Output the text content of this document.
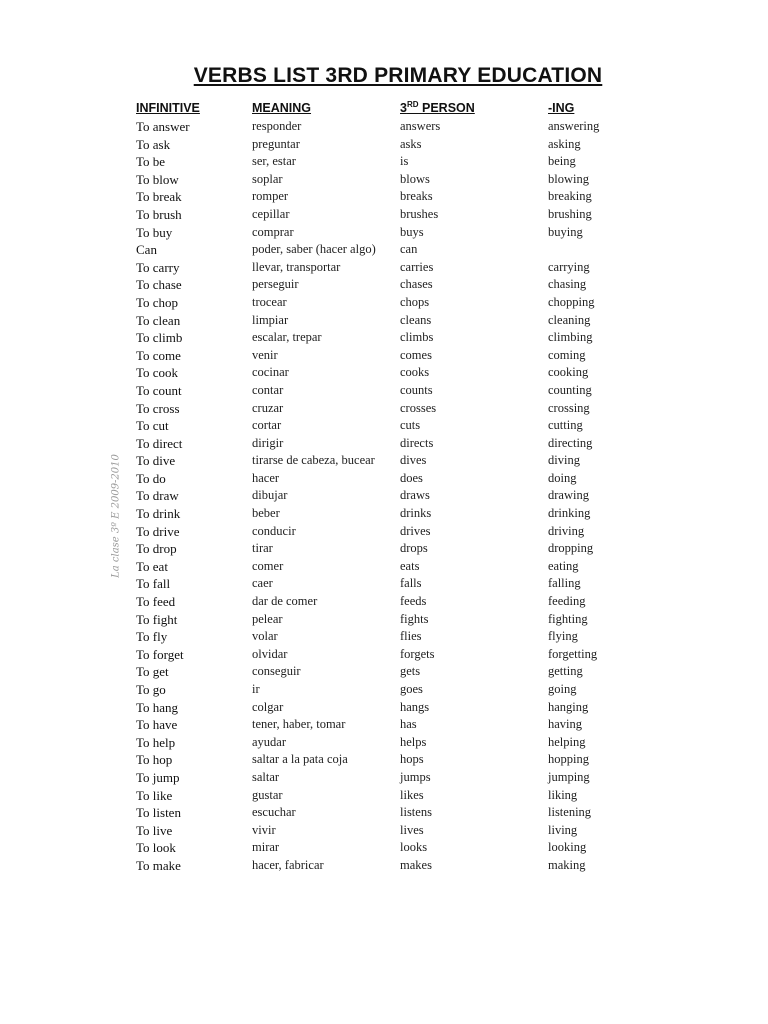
VERBS LIST 3RD PRIMARY EDUCATION
La clase 3º E 2009-2010
INFINITIVE	MEANING	3RD PERSON	-ING
To answer	responder	answers	answering
To ask	preguntar	asks	asking
To be	ser, estar	is	being
To blow	soplar	blows	blowing
To break	romper	breaks	breaking
To brush	cepillar	brushes	brushing
To buy	comprar	buys	buying
Can	poder, saber (hacer algo)	can	
To carry	llevar, transportar	carries	carrying
To chase	perseguir	chases	chasing
To chop	trocear	chops	chopping
To clean	limpiar	cleans	cleaning
To climb	escalar, trepar	climbs	climbing
To come	venir	comes	coming
To cook	cocinar	cooks	cooking
To count	contar	counts	counting
To cross	cruzar	crosses	crossing
To cut	cortar	cuts	cutting
To direct	dirigir	directs	directing
To dive	tirarse de cabeza, bucear	dives	diving
To do	hacer	does	doing
To draw	dibujar	draws	drawing
To drink	beber	drinks	drinking
To drive	conducir	drives	driving
To drop	tirar	drops	dropping
To eat	comer	eats	eating
To fall	caer	falls	falling
To feed	dar de comer	feeds	feeding
To fight	pelear	fights	fighting
To fly	volar	flies	flying
To forget	olvidar	forgets	forgetting
To get	conseguir	gets	getting
To go	ir	goes	going
To hang	colgar	hangs	hanging
To have	tener, haber, tomar	has	having
To help	ayudar	helps	helping
To hop	saltar a la pata coja	hops	hopping
To jump	saltar	jumps	jumping
To like	gustar	likes	liking
To listen	escuchar	listens	listening
To live	vivir	lives	living
To look	mirar	looks	looking
To make	hacer, fabricar	makes	making
